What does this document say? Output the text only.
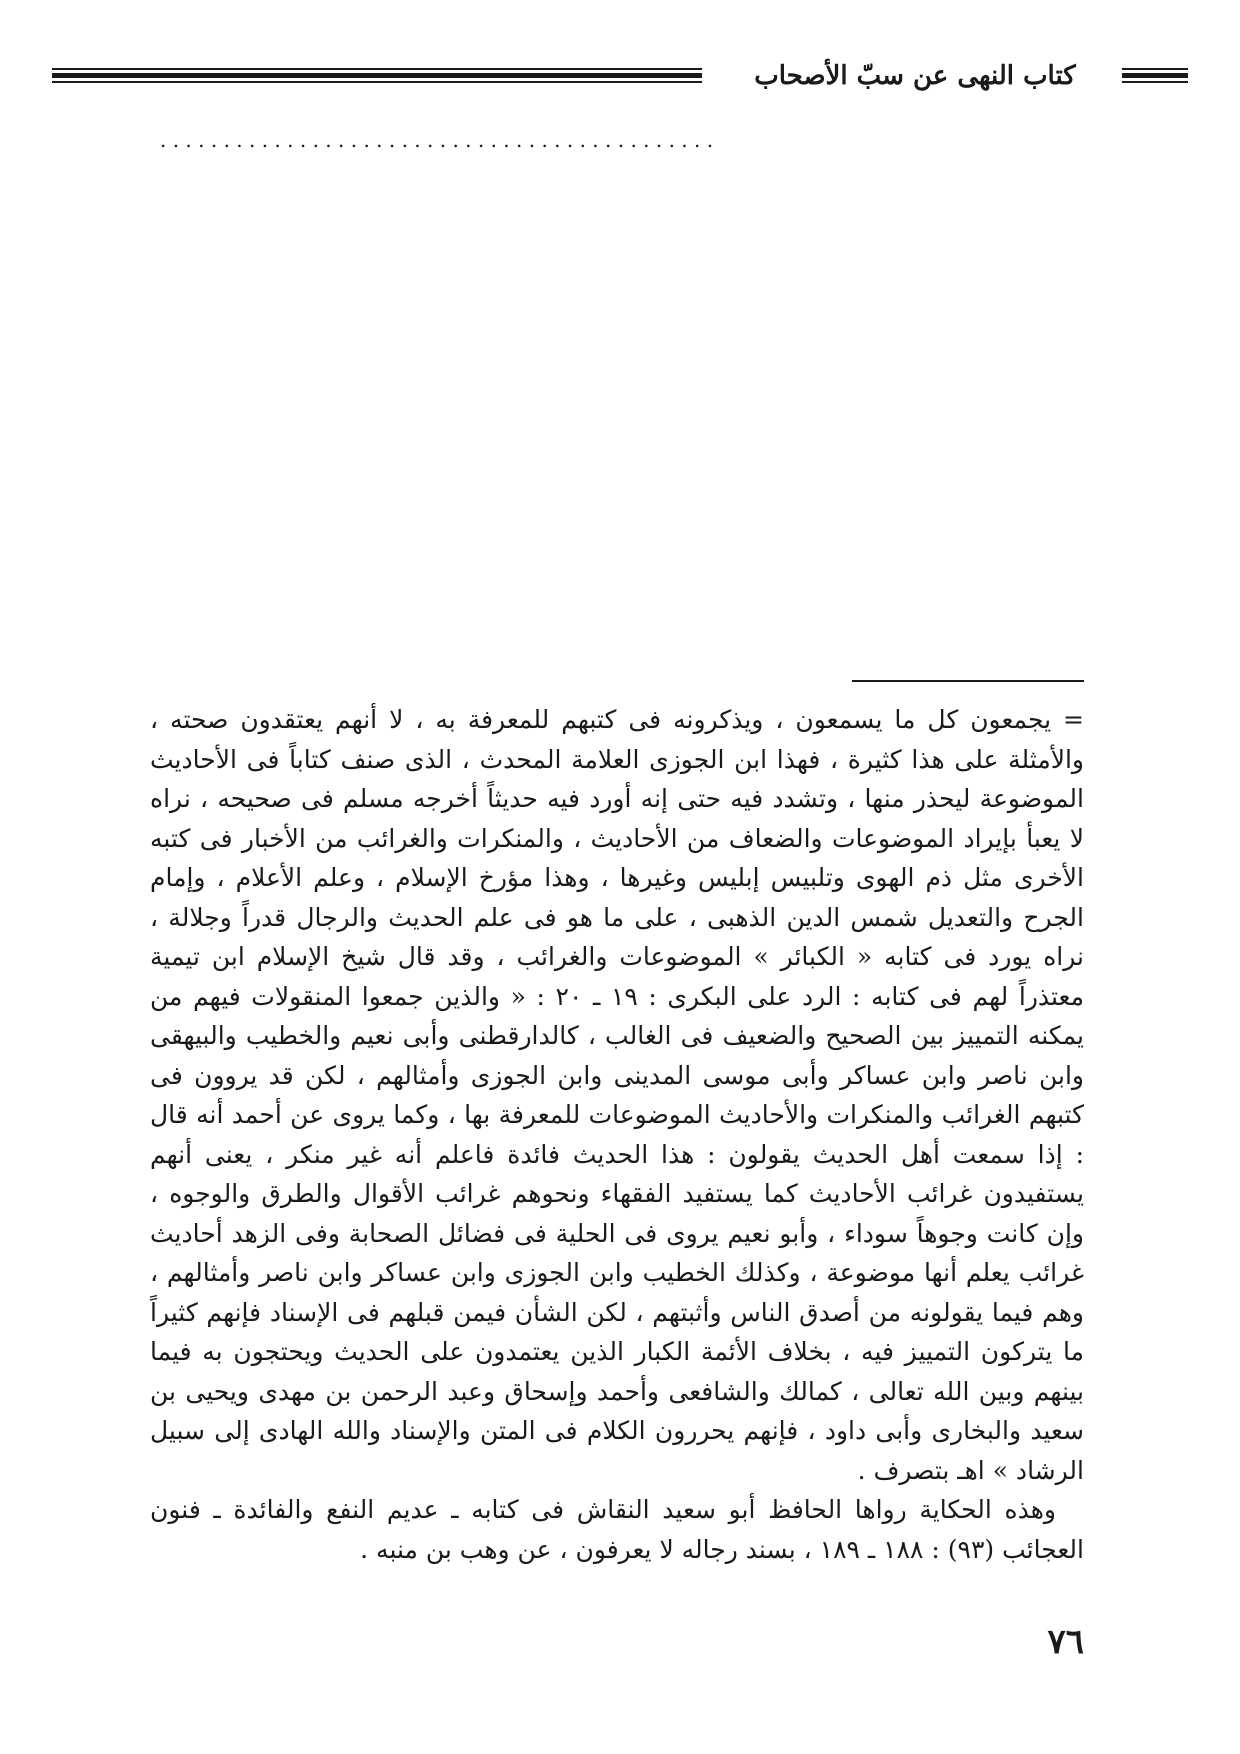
كتاب النهى عن سبّ الأصحاب
. . . . . . . . . . . . . . . . . . . . . . . . . . . . . . . . . . . . . . . . . . . .

= يجمعون كل ما يسمعون ، ويذكرونه فى كتبهم للمعرفة به ، لا أنهم يعتقدون صحته ، والأمثلة على هذا كثيرة ، فهذا ابن الجوزى العلامة المحدث ، الذى صنف كتاباً فى الأحاديث الموضوعة ليحذر منها ، وتشدد فيه حتى إنه أورد فيه حديثاً أخرجه مسلم فى صحيحه ، نراه لا يعبأ بإيراد الموضوعات والضعاف من الأحاديث ، والمنكرات والغرائب من الأخبار فى كتبه الأخرى مثل ذم الهوى وتلبيس إبليس وغيرها ، وهذا مؤرخ الإسلام ، وعلم الأعلام ، وإمام الجرح والتعديل شمس الدين الذهبى ، على ما هو فى علم الحديث والرجال قدراً وجلالة ، نراه يورد فى كتابه « الكبائر » الموضوعات والغرائب ، وقد قال شيخ الإسلام ابن تيمية معتذراً لهم فى كتابه : الرد على البكرى : ١٩ ـ ٢٠ : « والذين جمعوا المنقولات فيهم من يمكنه التمييز بين الصحيح والضعيف فى الغالب ، كالدارقطنى وأبى نعيم والخطيب والبيهقى وابن ناصر وابن عساكر وأبى موسى المدينى وابن الجوزى وأمثالهم ، لكن قد يروون فى كتبهم الغرائب والمنكرات والأحاديث الموضوعات للمعرفة بها ، وكما يروى عن أحمد أنه قال : إذا سمعت أهل الحديث يقولون : هذا الحديث فائدة فاعلم أنه غير منكر ، يعنى أنهم يستفيدون غرائب الأحاديث كما يستفيد الفقهاء ونحوهم غرائب الأقوال والطرق والوجوه ، وإن كانت وجوهاً سوداء ، وأبو نعيم يروى فى الحلية فى فضائل الصحابة وفى الزهد أحاديث غرائب يعلم أنها موضوعة ، وكذلك الخطيب وابن الجوزى وابن عساكر وابن ناصر وأمثالهم ، وهم فيما يقولونه من أصدق الناس وأثبتهم ، لكن الشأن فيمن قبلهم فى الإسناد فإنهم كثيراً ما يتركون التمييز فيه ، بخلاف الأئمة الكبار الذين يعتمدون على الحديث ويحتجون به فيما بينهم وبين الله تعالى ، كمالك والشافعى وأحمد وإسحاق وعبد الرحمن بن مهدى ويحيى بن سعيد والبخارى وأبى داود ، فإنهم يحررون الكلام فى المتن والإسناد والله الهادى إلى سبيل الرشاد » اهـ بتصرف .

وهذه الحكاية رواها الحافظ أبو سعيد النقاش فى كتابه ـ عديم النفع والفائدة ـ فنون العجائب (٩٣) : ١٨٨ ـ ١٨٩ ، بسند رجاله لا يعرفون ، عن وهب بن منبه .

٧٦
